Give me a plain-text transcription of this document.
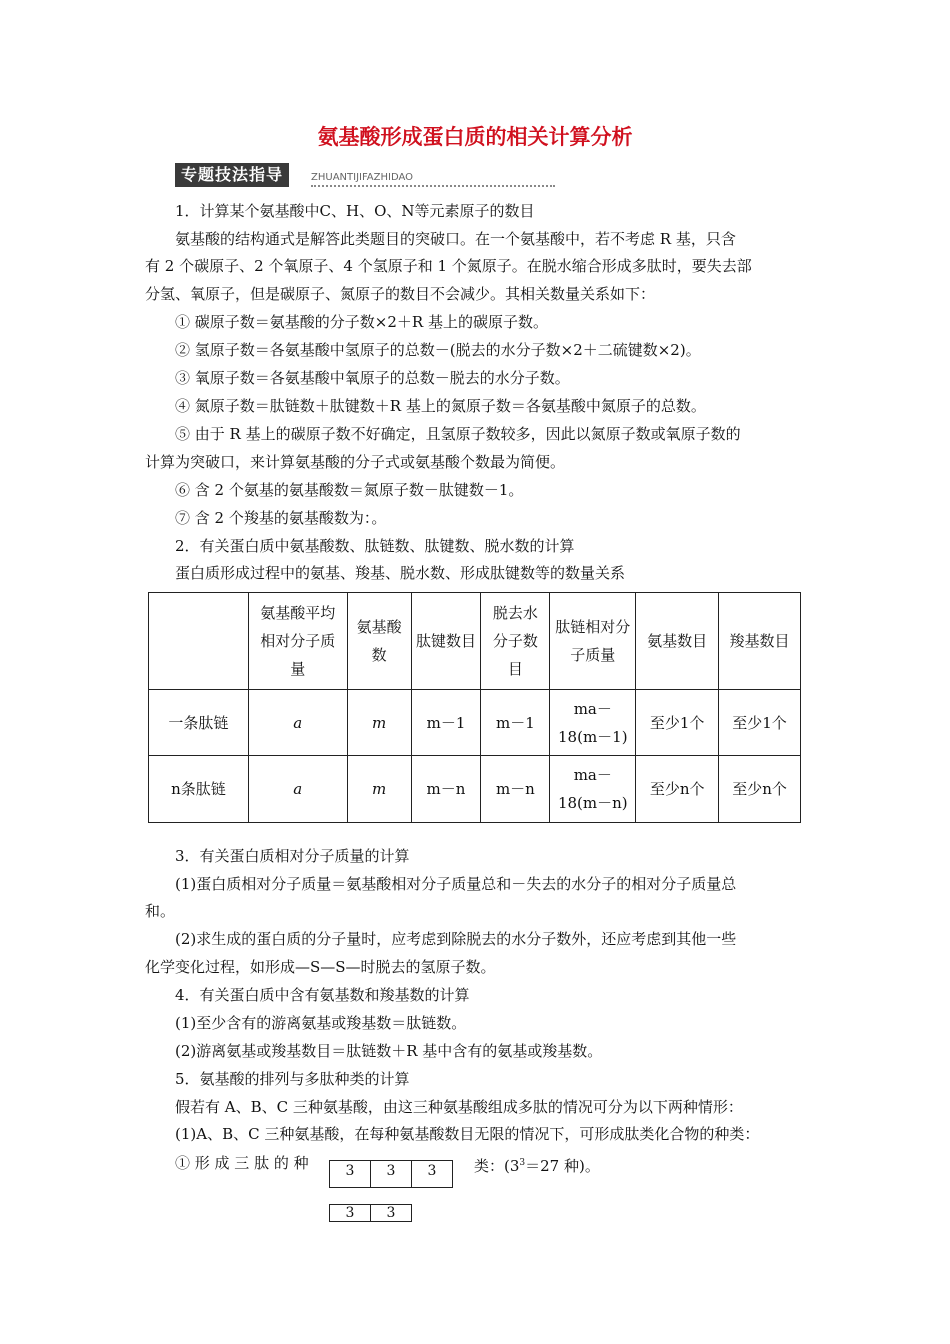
氨基酸形成蛋白质的相关计算分析
专题技法指导	ZHUANTIJIFAZHIDAO
1．计算某个氨基酸中C、H、O、N等元素原子的数目
氨基酸的结构通式是解答此类题目的突破口。在一个氨基酸中，若不考虑 R 基，只含
有 2 个碳原子、2 个氧原子、4 个氢原子和 1 个氮原子。在脱水缩合形成多肽时，要失去部
分氢、氧原子，但是碳原子、氮原子的数目不会减少。其相关数量关系如下：
① 碳原子数＝氨基酸的分子数×2＋R 基上的碳原子数。
② 氢原子数＝各氨基酸中氢原子的总数－(脱去的水分子数×2＋二硫键数×2)。
③ 氧原子数＝各氨基酸中氧原子的总数－脱去的水分子数。
④ 氮原子数＝肽链数＋肽键数＋R 基上的氮原子数＝各氨基酸中氮原子的总数。
⑤ 由于 R 基上的碳原子数不好确定，且氢原子数较多，因此以氮原子数或氧原子数的
计算为突破口，来计算氨基酸的分子式或氨基酸个数最为简便。
⑥ 含 2 个氨基的氨基酸数＝氮原子数－肽键数－1。
⑦ 含 2 个羧基的氨基酸数为：。
2．有关蛋白质中氨基酸数、肽链数、肽键数、脱水数的计算
蛋白质形成过程中的氨基、羧基、脱水数、形成肽键数等的数量关系
	氨基酸平均相对分子质量	氨基酸数	肽键数目	脱去水分子数目	肽链相对分子质量	氨基数目	羧基数目
一条肽链	a	m	m－1	m－1	ma－18(m－1)	至少1个	至少1个
n条肽链	a	m	m－n	m－n	ma－18(m－n)	至少n个	至少n个
3．有关蛋白质相对分子质量的计算
(1)蛋白质相对分子质量＝氨基酸相对分子质量总和－失去的水分子的相对分子质量总
和。
(2)求生成的蛋白质的分子量时，应考虑到除脱去的水分子数外，还应考虑到其他一些
化学变化过程，如形成—S—S—时脱去的氢原子数。
4．有关蛋白质中含有氨基数和羧基数的计算
(1)至少含有的游离氨基或羧基数＝肽链数。
(2)游离氨基或羧基数目＝肽链数＋R 基中含有的氨基或羧基数。
5．氨基酸的排列与多肽种类的计算
假若有 A、B、C 三种氨基酸，由这三种氨基酸组成多肽的情况可分为以下两种情形：
(1)A、B、C 三种氨基酸，在每种氨基酸数目无限的情况下，可形成肽类化合物的种类：
① 形 成 三 肽 的 种	3	3	3	类：($3^3=27$ 种)。
3	3
